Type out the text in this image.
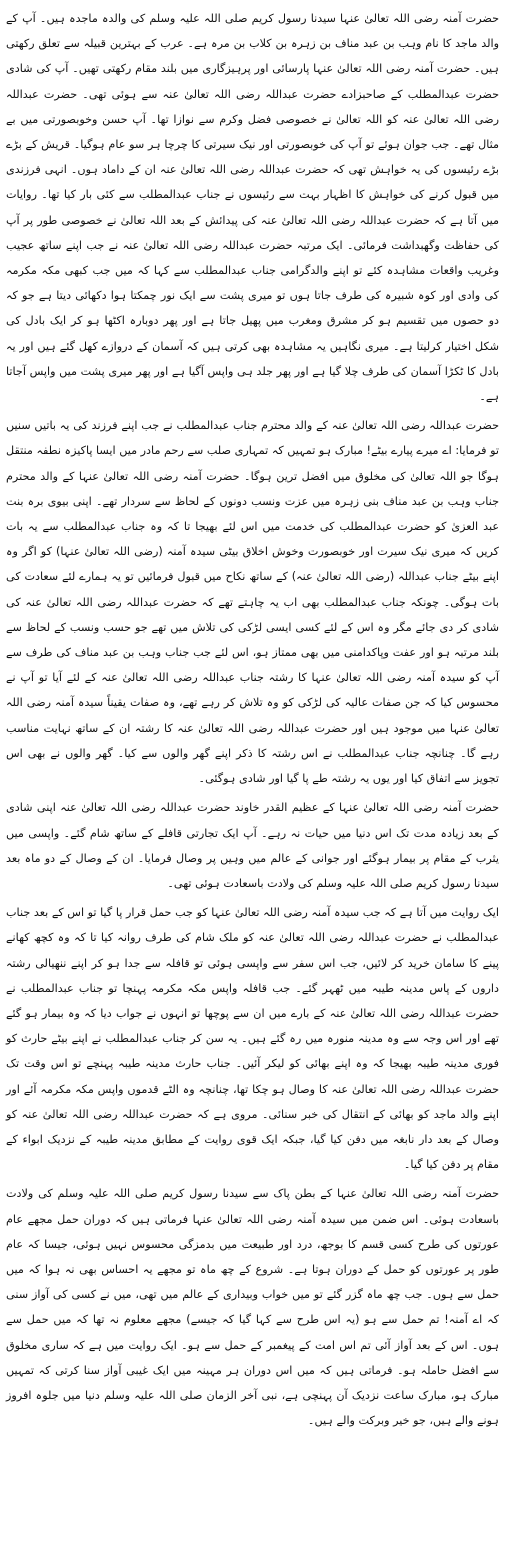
حضرت آمنہ رضی اللہ تعالیٰ عنہا سیدنا رسول کریم صلی اللہ علیہ وسلم کی والدہ ماجدہ ہیں۔ آپ کے والد ماجد کا نام وہب بن عبد مناف بن زہرہ بن کلاب بن مرہ ہے۔ عرب کے بہترین قبیلہ سے تعلق رکھتی ہیں۔ حضرت آمنہ رضی اللہ تعالیٰ عنہا پارسائی اور پرہیزگاری میں بلند مقام رکھتی تھیں۔ آپ کی شادی حضرت عبدالمطلب کے صاحبزادے حضرت عبداللہ رضی اللہ تعالیٰ عنہ سے ہوئی تھی۔ حضرت عبداللہ رضی اللہ تعالیٰ عنہ کو اللہ تعالیٰ نے خصوصی فضل وکرم سے نوازا تھا۔ آپ حسن وخوبصورتی میں بے مثال تھے۔ جب جوان ہوئے تو آپ کی خوبصورتی اور نیک سیرتی کا چرچا ہر سو عام ہوگیا۔ قریش کے بڑے بڑے رئیسوں کی یہ خواہش تھی کہ حضرت عبداللہ رضی اللہ تعالیٰ عنہ ان کے داماد ہوں۔ انہی فرزندی میں قبول کرنے کی خواہش کا اظہار بہت سے رئیسوں نے جناب عبدالمطلب سے کئی بار کیا تھا۔ روایات میں آتا ہے کہ حضرت عبداللہ رضی اللہ تعالیٰ عنہ کی پیدائش کے بعد اللہ تعالیٰ نے خصوصی طور پر آپ کی حفاظت وگھبداشت فرمائی۔ ایک مرتبہ حضرت عبداللہ رضی اللہ تعالیٰ عنہ نے جب اپنے ساتھ عجیب وغریب واقعات مشاہدہ کئے تو اپنے والدگرامی جناب عبدالمطلب سے کہا کہ میں جب کبھی مکہ مکرمہ کی وادی اور کوہ شبیرہ کی طرف جاتا ہوں تو میری پشت سے ایک نور چمکتا ہوا دکھائی دیتا ہے جو کہ دو حصوں میں تقسیم ہو کر مشرق ومغرب میں پھیل جاتا ہے اور پھر دوبارہ اکٹھا ہو کر ایک بادل کی شکل اختیار کرلیتا ہے۔ میری نگاہیں یہ مشاہدہ بھی کرتی ہیں کہ آسمان کے دروازے کھل گئے ہیں اور یہ بادل کا ٹکڑا آسمان کی طرف چلا گیا ہے اور پھر جلد ہی واپس آگیا ہے اور پھر میری پشت میں واپس آجاتا ہے۔

حضرت عبداللہ رضی اللہ تعالیٰ عنہ کے والد محترم جناب عبدالمطلب نے جب اپنے فرزند کی یہ باتیں سنیں تو فرمایا: اے میرے پیارے بیٹے! مبارک ہو تمہیں کہ تمہاری صلب سے رحم مادر میں ایسا پاکیزہ نطفہ منتقل ہوگا جو اللہ تعالیٰ کی مخلوق میں افضل ترین ہوگا۔ حضرت آمنہ رضی اللہ تعالیٰ عنہا کے والد محترم جناب وہب بن عبد مناف بنی زہرہ میں عزت ونسب دونوں کے لحاظ سے سردار تھے۔ اپنی بیوی برہ بنت عبد العزیٰ کو حضرت عبدالمطلب کی خدمت میں اس لئے بھیجا تا کہ وہ جناب عبدالمطلب سے یہ بات کریں کہ میری نیک سیرت اور خوبصورت وخوش اخلاق بیٹی سیدہ آمنہ (رضی اللہ تعالیٰ عنہا) کو اگر وہ اپنے بیٹے جناب عبداللہ (رضی اللہ تعالیٰ عنہ) کے ساتھ نکاح میں قبول فرمائیں تو یہ ہمارے لئے سعادت کی بات ہوگی۔ چونکہ جناب عبدالمطلب بھی اب یہ چاہتے تھے کہ حضرت عبداللہ رضی اللہ تعالیٰ عنہ کی شادی کر دی جائے مگر وہ اس کے لئے کسی ایسی لڑکی کی تلاش میں تھے جو حسب ونسب کے لحاظ سے بلند مرتبہ ہو اور عفت وپاکدامنی میں بھی ممتاز ہو، اس لئے جب جناب وہب بن عبد مناف کی طرف سے آپ کو سیدہ آمنہ رضی اللہ تعالیٰ عنہا کا رشتہ جناب عبداللہ رضی اللہ تعالیٰ عنہ کے لئے آیا تو آپ نے محسوس کیا کہ جن صفات عالیہ کی لڑکی کو وہ تلاش کر رہے تھے، وہ صفات یقیناً سیدہ آمنہ رضی اللہ تعالیٰ عنہا میں موجود ہیں اور حضرت عبداللہ رضی اللہ تعالیٰ عنہ کا رشتہ ان کے ساتھ نہایت مناسب رہے گا۔ چنانچہ جناب عبدالمطلب نے اس رشتہ کا ذکر اپنے گھر والوں سے کیا۔ گھر والوں نے بھی اس تجویز سے اتفاق کیا اور یوں یہ رشتہ طے پا گیا اور شادی ہوگئی۔

حضرت آمنہ رضی اللہ تعالیٰ عنہا کے عظیم القدر خاوند حضرت عبداللہ رضی اللہ تعالیٰ عنہ اپنی شادی کے بعد زیادہ مدت تک اس دنیا میں حیات نہ رہے۔ آپ ایک تجارتی قافلے کے ساتھ شام گئے۔ واپسی میں یثرب کے مقام پر بیمار ہوگئے اور جوانی کے عالم میں وہیں پر وصال فرمایا۔ ان کے وصال کے دو ماہ بعد سیدنا رسول کریم صلی اللہ علیہ وسلم کی ولادت باسعادت ہوئی تھی۔

ایک روایت میں آتا ہے کہ جب سیدہ آمنہ رضی اللہ تعالیٰ عنہا کو جب حمل قرار پا گیا تو اس کے بعد جناب عبدالمطلب نے حضرت عبداللہ رضی اللہ تعالیٰ عنہ کو ملک شام کی طرف روانہ کیا تا کہ وہ کچھ کھانے پینے کا سامان خرید کر لائیں، جب اس سفر سے واپسی ہوئی تو قافلہ سے جدا ہو کر اپنے ننھیالی رشتہ داروں کے پاس مدینہ طیبہ میں ٹھہر گئے۔ جب قافلہ واپس مکہ مکرمہ پہنچا تو جناب عبدالمطلب نے حضرت عبداللہ رضی اللہ تعالیٰ عنہ کے بارے میں ان سے پوچھا تو انہوں نے جواب دیا کہ وہ بیمار ہو گئے تھے اور اس وجہ سے وہ مدینہ منورہ میں رہ گئے ہیں۔ یہ سن کر جناب عبدالمطلب نے اپنے بیٹے حارث کو فوری مدینہ طیبہ بھیجا کہ وہ اپنے بھائی کو لیکر آئیں۔ جناب حارث مدینہ طیبہ پہنچے تو اس وقت تک حضرت عبداللہ رضی اللہ تعالیٰ عنہ کا وصال ہو چکا تھا، چنانچہ وہ الٹے قدموں واپس مکہ مکرمہ آئے اور اپنے والد ماجد کو بھائی کے انتقال کی خبر سنائی۔ مروی ہے کہ حضرت عبداللہ رضی اللہ تعالیٰ عنہ کو وصال کے بعد دار نابغہ میں دفن کیا گیا، جبکہ ایک قوی روایت کے مطابق مدینہ طیبہ کے نزدیک ابواء کے مقام پر دفن کیا گیا۔

حضرت آمنہ رضی اللہ تعالیٰ عنہا کے بطن پاک سے سیدنا رسول کریم صلی اللہ علیہ وسلم کی ولادت باسعادت ہوئی۔ اس ضمن میں سیدہ آمنہ رضی اللہ تعالیٰ عنہا فرماتی ہیں کہ دوران حمل مجھے عام عورتوں کی طرح کسی قسم کا بوجھ، درد اور طبیعت میں بدمزگی محسوس نہیں ہوئی، جیسا کہ عام طور پر عورتوں کو حمل کے دوران ہوتا ہے۔ شروع کے چھ ماہ تو مجھے یہ احساس بھی نہ ہوا کہ میں حمل سے ہوں۔ جب چھ ماہ گزر گئے تو میں خواب وبیداری کے عالم میں تھی، میں نے کسی کی آواز سنی کہ اے آمنہ! تم حمل سے ہو (یہ اس طرح سے کہا گیا کہ جیسے) مجھے معلوم نہ تھا کہ میں حمل سے ہوں۔ اس کے بعد آواز آئی تم اس امت کے پیغمبر کے حمل سے ہو۔ ایک روایت میں ہے کہ ساری مخلوق سے افضل حاملہ ہو۔ فرماتی ہیں کہ میں اس دوران ہر مہینہ میں ایک غیبی آواز سنا کرتی کہ تمہیں مبارک ہو، مبارک ساعت نزدیک آن پہنچی ہے، نبی آخر الزمان صلی اللہ علیہ وسلم دنیا میں جلوہ افروز ہونے والے ہیں، جو خیر وبرکت والے ہیں۔
